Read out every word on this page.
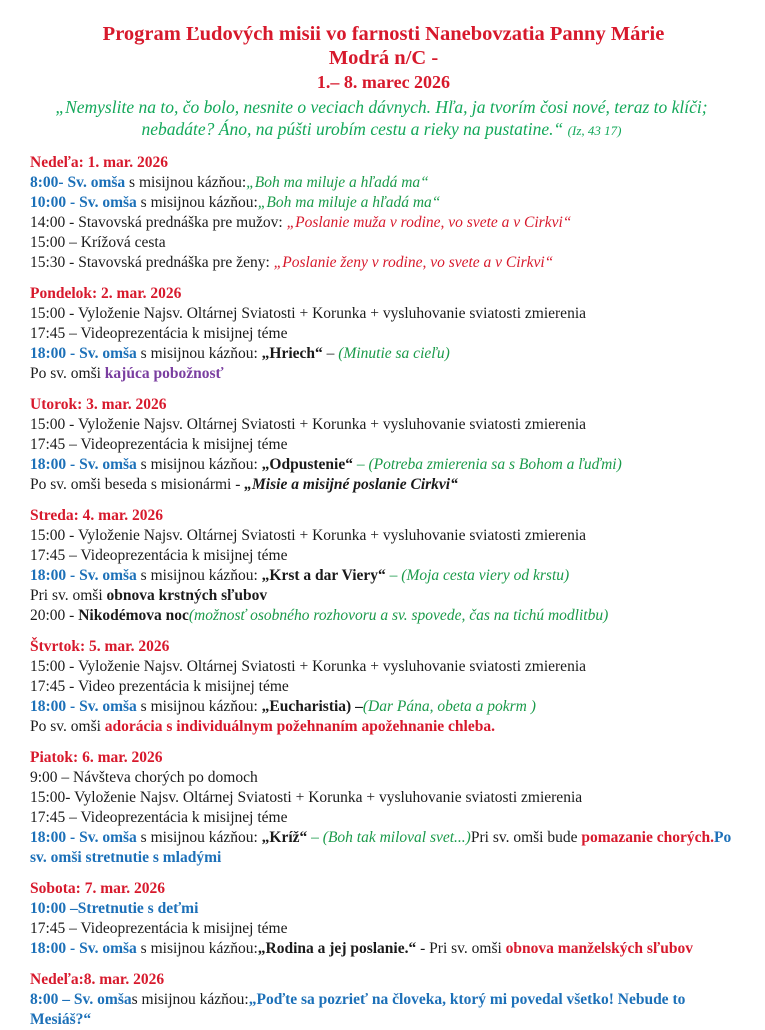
Program Ľudových misii vo farnosti Nanebovzatia Panny Márie
Modrá n/C -
1.– 8. marec 2026
„Nemyslite na to, čo bolo, nesnite o veciach dávnych. Hľa, ja tvorím čosi nové, teraz to klíči; nebadáte? Áno, na púšti urobím cestu a rieky na pustatine.“ (Iz, 43 17)
Nedeľa: 1. mar. 2026
8:00- Sv. omša s misijnou kázňou:„Boh ma miluje a hľadá ma“
10:00 - Sv. omša s misijnou kázňou:„Boh ma miluje a hľadá ma“
14:00 - Stavovská prednáška pre mužov: „Poslanie muža v rodine, vo svete a v Cirkvi“
15:00 – Krížová cesta
15:30 - Stavovská prednáška pre ženy: „Poslanie ženy v rodine, vo svete a v Cirkvi“
Pondelok: 2. mar. 2026
15:00 - Vyloženie Najsv. Oltárnej Sviatosti + Korunka + vysluhovanie sviatosti zmierenia
17:45 – Videoprezentácia k misijnej téme
18:00 - Sv. omša s misijnou kázňou: „Hriech“ – (Minutie sa cieľu)
Po sv. omši kajúca pobožnosť
Utorok: 3. mar. 2026
15:00 - Vyloženie Najsv. Oltárnej Sviatosti + Korunka + vysluhovanie sviatosti zmierenia
17:45 – Videoprezentácia k misijnej téme
18:00 - Sv. omša s misijnou kázňou: „Odpustenie“ – (Potreba zmierenia sa s Bohom a ľuďmi)
Po sv. omši beseda s misionármi - „Misie a misijné poslanie Cirkvi“
Streda: 4. mar. 2026
15:00 - Vyloženie Najsv. Oltárnej Sviatosti + Korunka + vysluhovanie sviatosti zmierenia
17:45 – Videoprezentácia k misijnej téme
18:00 - Sv. omša s misijnou kázňou: „Krst a dar Viery“ – (Moja cesta viery od krstu)
Pri sv. omši obnova krstných sľubov
20:00 - Nikodémova noc(možnosť osobného rozhovoru a sv. spovede, čas na tichú modlitbu)
Štvrtok: 5. mar. 2026
15:00 - Vyloženie Najsv. Oltárnej Sviatosti + Korunka + vysluhovanie sviatosti zmierenia
17:45 - Video prezentácia k misijnej téme
18:00 - Sv. omša s misijnou kázňou: „Eucharistia) –(Dar Pána, obeta a pokrm )
Po sv. omši adorácia s individuálnym požehnaním apožehnanie chleba.
Piatok: 6. mar. 2026
9:00 – Návšteva chorých po domoch
15:00- Vyloženie Najsv. Oltárnej Sviatosti + Korunka + vysluhovanie sviatosti zmierenia
17:45 – Videoprezentácia k misijnej téme
18:00 - Sv. omša s misijnou kázňou: „Kríž“ – (Boh tak miloval svet...)Pri sv. omši bude pomazanie chorých.Po sv. omši stretnutie s mladými
Sobota: 7. mar. 2026
10:00 –Stretnutie s deťmi
17:45 – Videoprezentácia k misijnej téme
18:00 - Sv. omša s misijnou kázňou:„Rodina a jej poslanie.“ - Pri sv. omši obnova manželských sľubov
Nedeľa:8. mar. 2026
8:00 – Sv. omšas misijnou kázňou:„Poďte sa pozrieť na človeka, ktorý mi povedal všetko! Nebude to Mesiáš?“
